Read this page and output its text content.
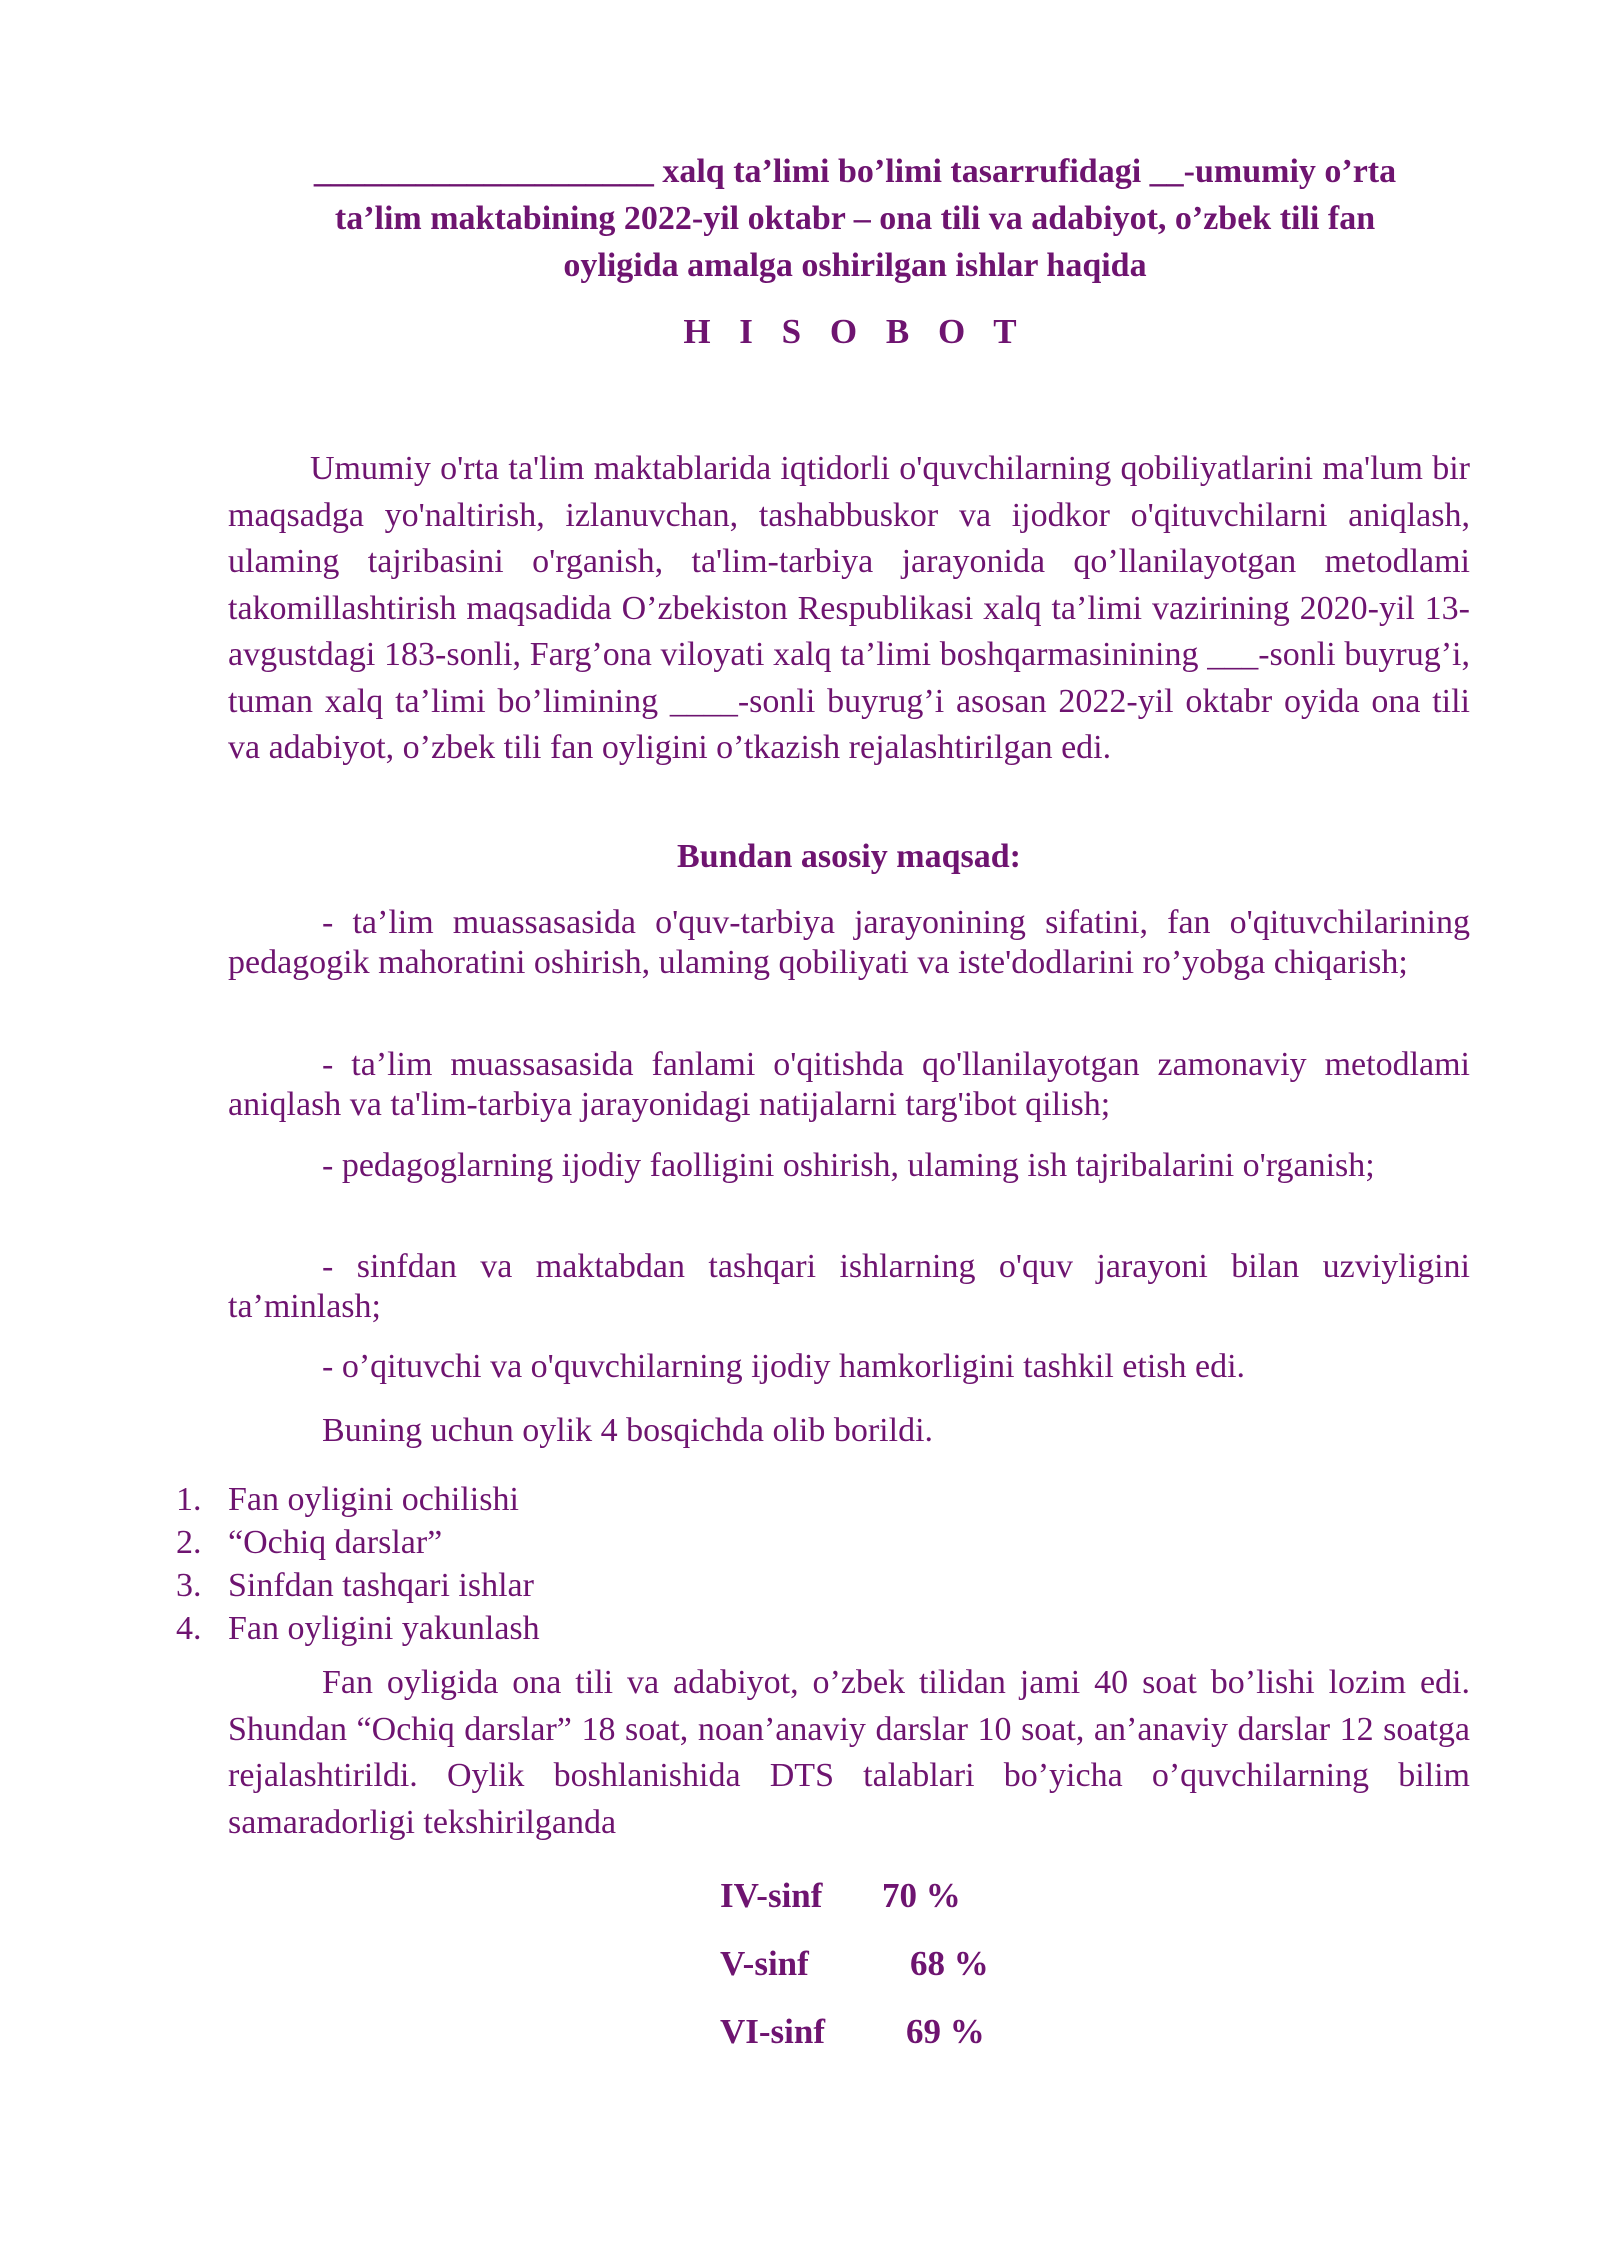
____________________ xalq ta’limi bo’limi tasarrufidagi __-umumiy o’rta
ta’lim maktabining 2022-yil oktabr – ona tili va adabiyot, o’zbek tili fan
oyligida amalga oshirilgan ishlar haqida
H I S O B O T
Umumiy o'rta ta'lim maktablarida iqtidorli o'quvchilarning qobiliyatlarini ma'lum bir maqsadga yo'naltirish, izlanuvchan, tashabbuskor va ijodkor o'qituvchilarni aniqlash, ulaming tajribasini o'rganish, ta'lim-tarbiya jarayonida qo’llanilayotgan metodlami takomillashtirish maqsadida O’zbekiston Respublikasi xalq ta’limi vazirining 2020-yil 13-avgustdagi 183-sonli, Farg’ona viloyati xalq ta’limi boshqarmasinining ___-sonli buyrug’i, tuman xalq ta’limi bo’limining ____-sonli buyrug’i asosan 2022-yil oktabr oyida ona tili va adabiyot, o’zbek tili fan oyligini o’tkazish rejalashtirilgan edi.
Bundan asosiy maqsad:
- ta’lim muassasasida o'quv-tarbiya jarayonining sifatini, fan o'qituvchilarining pedagogik mahoratini oshirish, ulaming qobiliyati va iste'dodlarini ro’yobga chiqarish;
- ta’lim muassasasida fanlami o'qitishda qo'llanilayotgan zamonaviy metodlami aniqlash va ta'lim-tarbiya jarayonidagi natijalarni targ'ibot qilish;
- pedagoglarning ijodiy faolligini oshirish, ulaming ish tajribalarini o'rganish;
- sinfdan va maktabdan tashqari ishlarning o'quv jarayoni bilan uzviyligini ta’minlash;
- o’qituvchi va o'quvchilarning ijodiy hamkorligini tashkil etish edi.
Buning uchun oylik 4 bosqichda olib borildi.
1. Fan oyligini ochilishi
2. “Ochiq darslar”
3. Sinfdan tashqari ishlar
4. Fan oyligini yakunlash
Fan oyligida ona tili va adabiyot, o’zbek tilidan jami 40 soat bo’lishi lozim edi. Shundan “Ochiq darslar” 18 soat, noan’anaviy darslar 10 soat, an’anaviy darslar 12 soatga rejalashtirildi. Oylik boshlanishida DTS talablari bo’yicha o’quvchilarning bilim samaradorligi tekshirilganda
IV-sinf	70 %
V-sinf	68 %
VI-sinf	69 %
